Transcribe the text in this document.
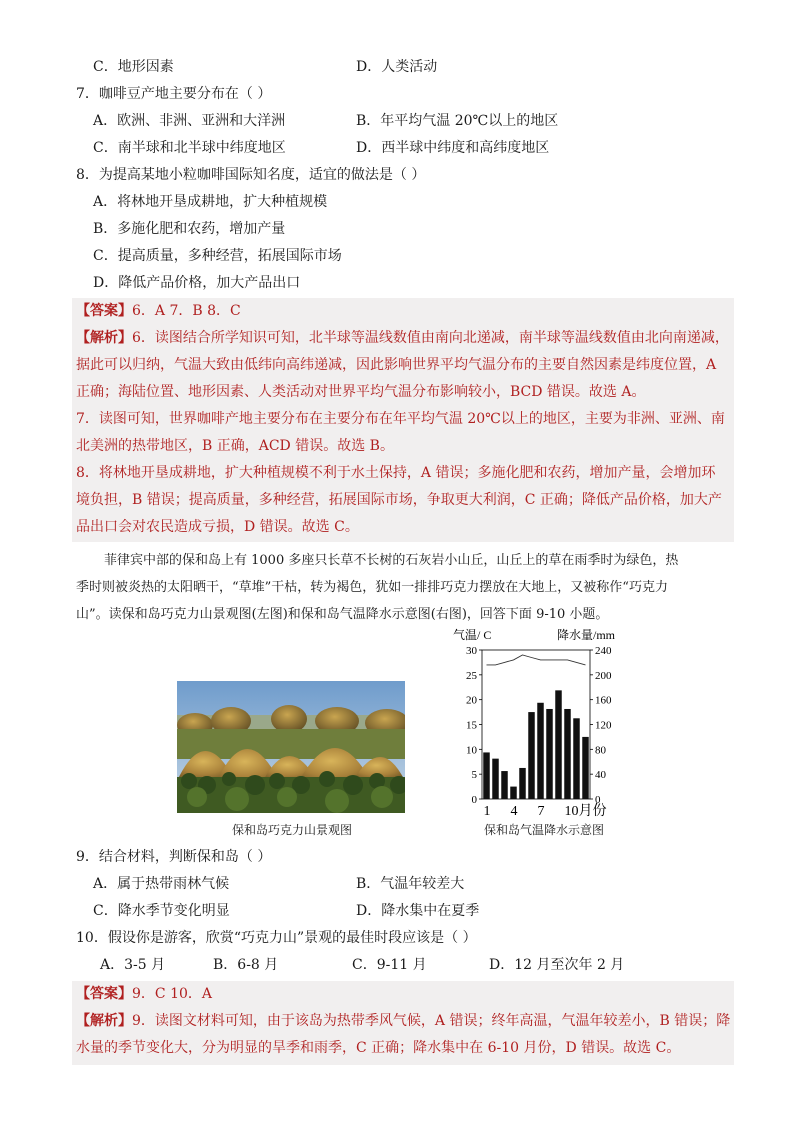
C．地形因素	D．人类活动
7．咖啡豆产地主要分布在（ ）
A．欧洲、非洲、亚洲和大洋洲	B．年平均气温 20℃以上的地区
C．南半球和北半球中纬度地区	D．西半球中纬度和高纬度地区
8．为提高某地小粒咖啡国际知名度，适宜的做法是（ ）
A．将林地开垦成耕地，扩大种植规模
B．多施化肥和农药，增加产量
C．提高质量，多种经营，拓展国际市场
D．降低产品价格，加大产品出口
【答案】6．A 7．B 8．C
【解析】6．读图结合所学知识可知，北半球等温线数值由南向北递减，南半球等温线数值由北向南递减，
据此可以归纳，气温大致由低纬向高纬递减，因此影响世界平均气温分布的主要自然因素是纬度位置，A
正确；海陆位置、地形因素、人类活动对世界平均气温分布影响较小，BCD 错误。故选 A。
7．读图可知，世界咖啡产地主要分布在主要分布在年平均气温 20℃以上的地区，主要为非洲、亚洲、南
北美洲的热带地区，B 正确，ACD 错误。故选 B。
8．将林地开垦成耕地，扩大种植规模不利于水土保持，A 错误；多施化肥和农药，增加产量，会增加环
境负担，B 错误；提高质量，多种经营，拓展国际市场，争取更大利润，C 正确；降低产品价格，加大产
品出口会对农民造成亏损，D 错误。故选 C。
菲律宾中部的保和岛上有 1000 多座只长草不长树的石灰岩小山丘，山丘上的草在雨季时为绿色，热
季时则被炎热的太阳晒干，“草堆”干枯，转为褐色，犹如一排排巧克力摆放在大地上，又被称作“巧克力
山”。读保和岛巧克力山景观图(左图)和保和岛气温降水示意图(右图)，回答下面 9-10 小题。
保和岛巧克力山景观图
气温/ C	降水量/mm
0
5
10
15
20
25
30
0
40
80
120
160
200
240
1 4 7 10月份
保和岛气温降水示意图
9．结合材料，判断保和岛（ ）
A．属于热带雨林气候	B．气温年较差大
C．降水季节变化明显	D．降水集中在夏季
10．假设你是游客，欣赏“巧克力山”景观的最佳时段应该是（ ）
A．3-5 月	B．6-8 月	C．9-11 月	D．12 月至次年 2 月
【答案】9．C 10．A
【解析】9．读图文材料可知，由于该岛为热带季风气候，A 错误；终年高温，气温年较差小，B 错误；降
水量的季节变化大，分为明显的旱季和雨季，C 正确；降水集中在 6-10 月份，D 错误。故选 C。
